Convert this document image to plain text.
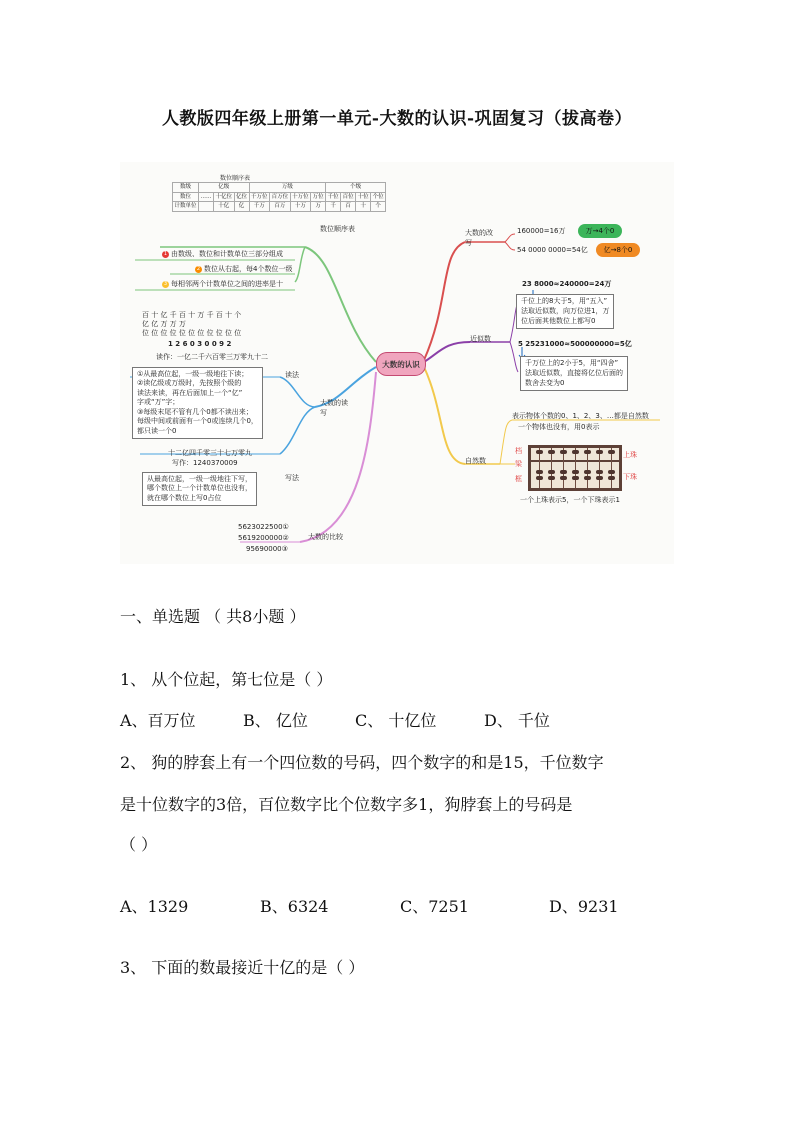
人教版四年级上册第一单元-大数的认识-巩固复习（拔高卷）
大数的认识
数位顺序表
数级	亿级			万级				个级			
数位	……	十亿位	亿位	千万位	百万位	十万位	万位	千位	百位	十位	个位
计数单位		十亿	亿	千万	百万	十万	万	千	百	十	个
数位顺序表
1 由数级、数位和计数单位三部分组成
2 数位从右起，每4个数位一级
3 每相邻两个计数单位之间的进率是十
百 十 亿 千 百 十 万 千 百 十 个
亿 亿 万 万 万
位 位 位 位 位 位 位 位 位 位 位
1 2 6 0 3 0 0 9 2
读作：一亿二千六百零三万零九十二
读法
①从最高位起，一级一级地往下读；
②读亿级或万级时，先按照个级的
读法来读，再在后面加上一个“亿”
字或“万”字；
③每级末尾不管有几个0都不读出来；
每级中间或前面有一个0或连续几个0，
都只读一个0
大数的读写
十二亿四千零三十七万零九
写作：1240370009
写法
从最高位起，一级一级地往下写，
哪个数位上一个计数单位也没有，
就在哪个数位上写0占位
大数的比较
5623022500①
5619200000②
95690000③
大数的改写
160000=16万	万→4个0
54 0000 0000=54亿	亿→8个0
近似数
23 8000≈240000=24万
千位上的8大于5，用“五入”
法取近似数，向万位进1，万
位后面其他数位上都写0
5 25231000≈500000000=5亿
千万位上的2小于5，用“四舍”
法取近似数，直接将亿位后面的
数舍去变为0
自然数
表示物体个数的0、1、2、3、…都是自然数
一个物体也没有，用0表示
档
梁
框
上珠
下珠
一个上珠表示5，一个下珠表示1
一、单选题 （ 共8小题 ）
1、 从个位起，第七位是（ ）
A、百万位	B、 亿位	C、 十亿位	D、 千位
2、 狗的脖套上有一个四位数的号码，四个数字的和是15，千位数字
是十位数字的3倍，百位数字比个位数字多1，狗脖套上的号码是
（ ）
A、1329	B、6324	C、7251	D、9231
3、 下面的数最接近十亿的是（ ）
